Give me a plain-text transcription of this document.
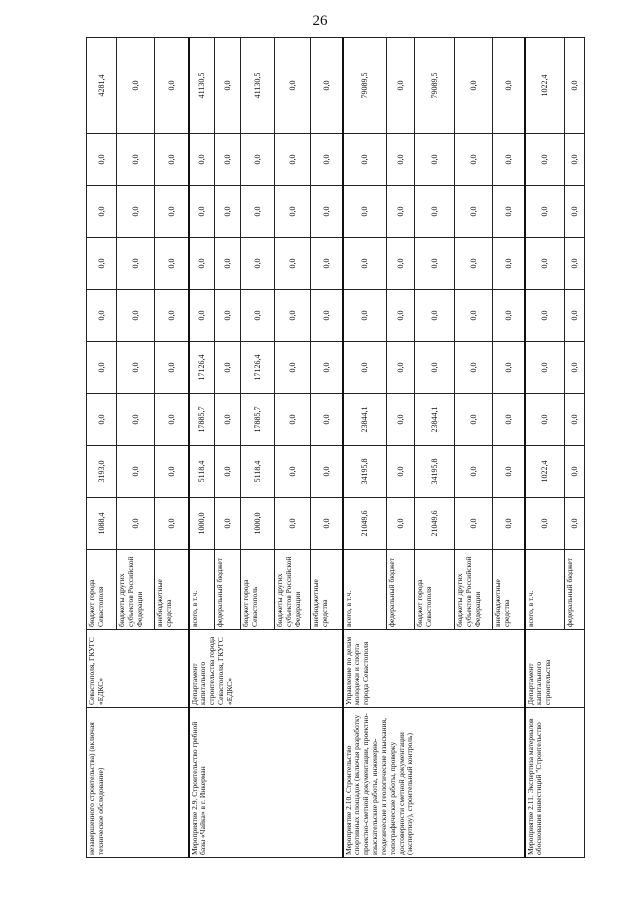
26
незавершенного строительства) (включая техническое обследование)	Севастополя, ГКУГС «ЕДКС»	бюджет города Севастополя	1088,4	3193,0	0,0	0,0	0,0	0,0	0,0	0,0	4281,4
		бюджеты других субъектов Российской Федерации	0,0	0,0	0,0	0,0	0,0	0,0	0,0	0,0	0,0
		внебюджетные средства	0,0	0,0	0,0	0,0	0,0	0,0	0,0	0,0	0,0
Мероприятие 2.9. Строительство гребной базы «Чайка» в г. Инкерман	Департамент капитального строительства города Севастополя, ГКУГС «ЕДКС»	всего, в т.ч.	1000,0	5118,4	17885,7	17126,4	0,0	0,0	0,0	0,0	41130,5
		федеральный бюджет	0,0	0,0	0,0	0,0	0,0	0,0	0,0	0,0	0,0
		бюджет города Севастополь	1000,0	5118,4	17885,7	17126,4	0,0	0,0	0,0	0,0	41130,5
		бюджеты других субъектов Российской Федерации	0,0	0,0	0,0	0,0	0,0	0,0	0,0	0,0	0,0
		внебюджетные средства	0,0	0,0	0,0	0,0	0,0	0,0	0,0	0,0	0,0
Мероприятие 2.10. Строительство спортивных площадок (включая разработку проектно-сметной документации, проектно-изыскательские работы, инженерно-геодезические и геологические изыскания, топографические работы, проверку достоверности сметной документации (экспертизу), строительный контроль)	Управление по делам молодежи и спорта города Севастополя	всего, в т.ч.	21049,6	34195,8	23844,1	0,0	0,0	0,0	0,0	0,0	79089,5
		федеральный бюджет	0,0	0,0	0,0	0,0	0,0	0,0	0,0	0,0	0,0
		бюджет города Севастополя	21049,6	34195,8	23844,1	0,0	0,0	0,0	0,0	0,0	79089,5
		бюджеты других субъектов Российской Федерации	0,0	0,0	0,0	0,0	0,0	0,0	0,0	0,0	0,0
		внебюджетные средства	0,0	0,0	0,0	0,0	0,0	0,0	0,0	0,0	0,0
Мероприятие 2.11. Экспертиза материалов обоснования инвестиций "Строительство	Департамент капитального строительства	всего, в т.ч.	0,0	1022,4	0,0	0,0	0,0	0,0	0,0	0,0	1022,4
		федеральный бюджет	0,0	0,0	0,0	0,0	0,0	0,0	0,0	0,0	0,0
